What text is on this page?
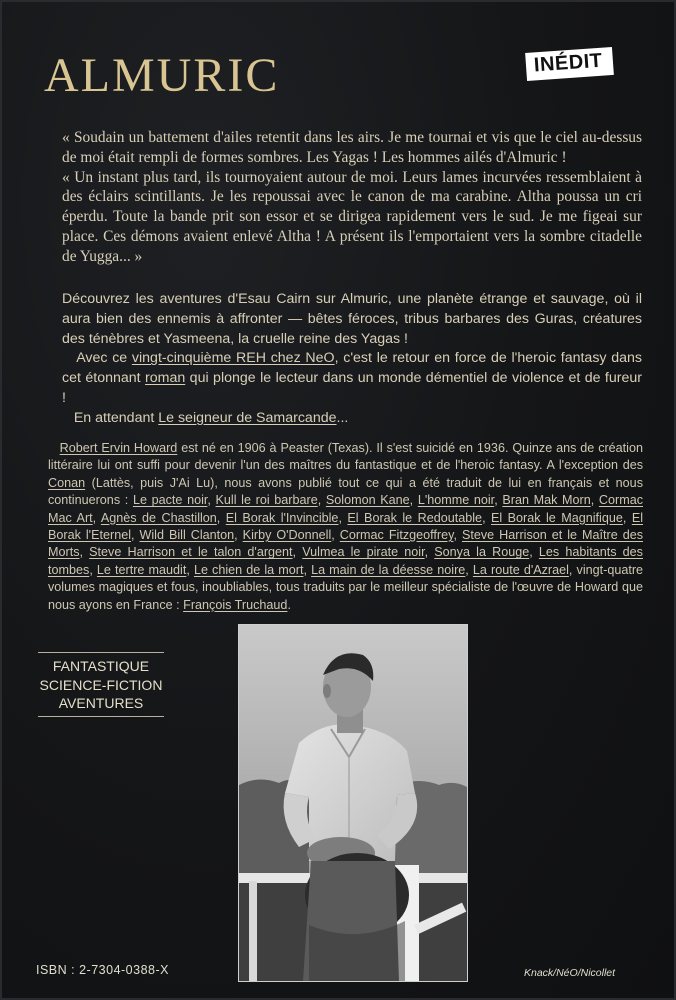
ALMURIC	INÉDIT

« Soudain un battement d'ailes retentit dans les airs. Je me tournai et vis que le ciel au-dessus de moi était rempli de formes sombres. Les Yagas ! Les hommes ailés d'Almuric !

« Un instant plus tard, ils tournoyaient autour de moi. Leurs lames incurvées ressemblaient à des éclairs scintillants. Je les repoussai avec le canon de ma carabine. Altha poussa un cri éperdu. Toute la bande prit son essor et se dirigea rapidement vers le sud. Je me figeai sur place. Ces démons avaient enlevé Altha ! A présent ils l'emportaient vers la sombre citadelle de Yugga... »

Découvrez les aventures d'Esau Cairn sur Almuric, une planète étrange et sauvage, où il aura bien des ennemis à affronter — bêtes féroces, tribus barbares des Guras, créatures des ténèbres et Yasmeena, la cruelle reine des Yagas !

Avec ce vingt-cinquième REH chez NeO, c'est le retour en force de l'heroic fantasy dans cet étonnant roman qui plonge le lecteur dans un monde démentiel de violence et de fureur !

En attendant Le seigneur de Samarcande...

Robert Ervin Howard est né en 1906 à Peaster (Texas). Il s'est suicidé en 1936. Quinze ans de création littéraire lui ont suffi pour devenir l'un des maîtres du fantastique et de l'heroic fantasy. A l'exception des Conan (Lattès, puis J'Ai Lu), nous avons publié tout ce qui a été traduit de lui en français et nous continuerons : Le pacte noir, Kull le roi barbare, Solomon Kane, L'homme noir, Bran Mak Morn, Cormac Mac Art, Agnès de Chastillon, El Borak l'Invincible, El Borak le Redoutable, El Borak le Magnifique, El Borak l'Eternel, Wild Bill Clanton, Kirby O'Donnell, Cormac Fitzgeoffrey, Steve Harrison et le Maître des Morts, Steve Harrison et le talon d'argent, Vulmea le pirate noir, Sonya la Rouge, Les habitants des tombes, Le tertre maudit, Le chien de la mort, La main de la déesse noire, La route d'Azrael, vingt-quatre volumes magiques et fous, inoubliables, tous traduits par le meilleur spécialiste de l'œuvre de Howard que nous ayons en France : François Truchaud.
FANTASTIQUE
SCIENCE-FICTION
AVENTURES
ISBN : 2-7304-0388-X	Knack/NéO/Nicollet
